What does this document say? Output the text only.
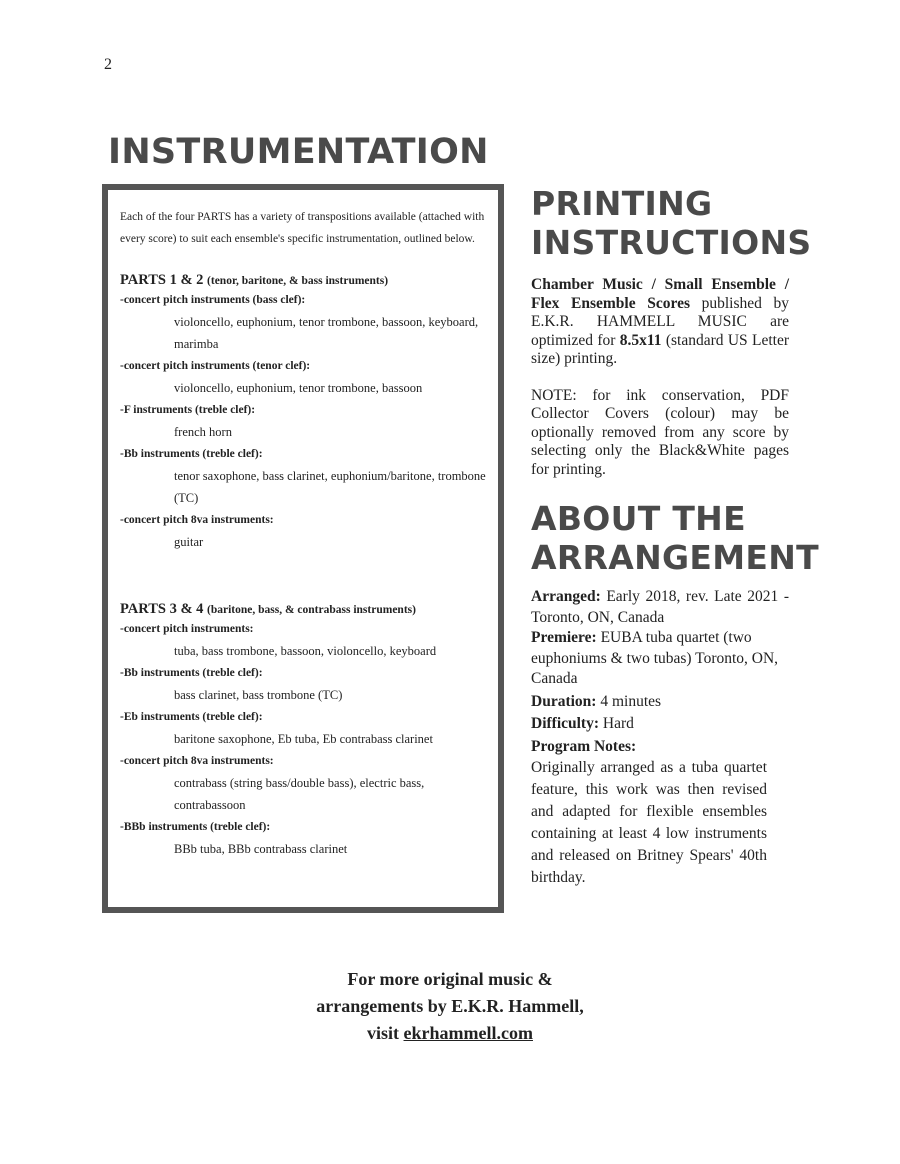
2
INSTRUMENTATION

Each of the four PARTS has a variety of transpositions available (attached with every score) to suit each ensemble's specific instrumentation, outlined below.

PARTS 1 & 2 (tenor, baritone, & bass instruments)

-concert pitch instruments (bass clef):

violoncello, euphonium, tenor trombone, bassoon, keyboard, marimba

-concert pitch instruments (tenor clef):

violoncello, euphonium, tenor trombone, bassoon

-F instruments (treble clef):

french horn

-Bb instruments (treble clef):

tenor saxophone, bass clarinet, euphonium/baritone, trombone (TC)

-concert pitch 8va instruments:

guitar

PARTS 3 & 4 (baritone, bass, & contrabass instruments)

-concert pitch instruments:

tuba, bass trombone, bassoon, violoncello, keyboard

-Bb instruments (treble clef):

bass clarinet, bass trombone (TC)

-Eb instruments (treble clef):

baritone saxophone, Eb tuba, Eb contrabass clarinet

-concert pitch 8va instruments:

contrabass (string bass/double bass), electric bass, contrabassoon

-BBb instruments (treble clef):

BBb tuba, BBb contrabass clarinet

PRINTING
INSTRUCTIONS

Chamber Music / Small Ensemble / Flex Ensemble Scores published by E.K.R. HAMMELL MUSIC are optimized for 8.5x11 (standard US Letter size) printing.

NOTE: for ink conservation, PDF Collector Covers (colour) may be optionally removed from any score by selecting only the Black&White pages for printing.

ABOUT THE
ARRANGEMENT

Arranged: Early 2018, rev. Late 2021 - Toronto, ON, Canada

Premiere: EUBA tuba quartet (two euphoniums & two tubas) Toronto, ON, Canada

Duration: 4 minutes

Difficulty: Hard

Program Notes:

Originally arranged as a tuba quartet feature, this work was then revised and adapted for flexible ensembles containing at least 4 low instruments and released on Britney Spears' 40th birthday.

For more original music &
arrangements by E.K.R. Hammell,
visit ekrhammell.com
